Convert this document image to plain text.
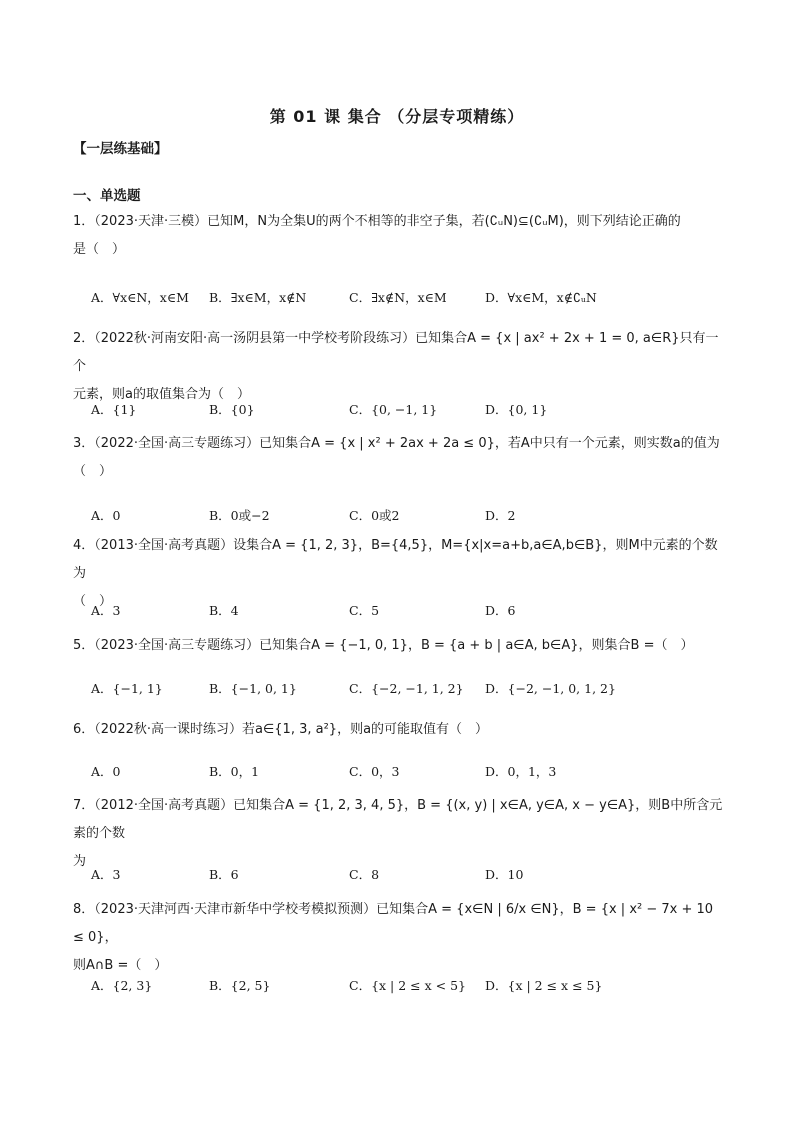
第 01 课 集合 （分层专项精练）
【一层练基础】
一、单选题
1．（2023·天津·三模）已知M，N为全集U的两个不相等的非空子集，若(∁ᵤN)⊆(∁ᵤM)，则下列结论正确的
是（　）
A．∀x∈N，x∈M B．∃x∈M，x∉N	C．∃x∉N，x∈M	D．∀x∈M，x∉∁ᵤN
2．（2022秋·河南安阳·高一汤阴县第一中学校考阶段练习）已知集合A = {x | ax² + 2x + 1 = 0, a∈R}只有一个
元素，则a的取值集合为（　）
A．{1}	B．{0}	C．{0, −1, 1}	D．{0, 1}
3．（2022·全国·高三专题练习）已知集合A = {x | x² + 2ax + 2a ≤ 0}，若A中只有一个元素，则实数a的值为
（　）
A．0	B．0或−2	C．0或2	D．2
4．（2013·全国·高考真题）设集合A = {1, 2, 3}，B={4,5}，M={x|x=a+b,a∈A,b∈B}，则M中元素的个数为
（　）
A．3	B．4	C．5	D．6
5．（2023·全国·高三专题练习）已知集合A = {−1, 0, 1}，B = {a + b | a∈A, b∈A}，则集合B =（　）
A．{−1, 1}	B．{−1, 0, 1}	C．{−2, −1, 1, 2} D．{−2, −1, 0, 1, 2}
6．（2022秋·高一课时练习）若a∈{1, 3, a²}，则a的可能取值有（　）
A．0	B．0，1	C．0，3	D．0，1，3
7．（2012·全国·高考真题）已知集合A = {1, 2, 3, 4, 5}，B = {(x, y) | x∈A, y∈A, x − y∈A}，则B中所含元素的个数
为
A．3	B．6	C．8	D．10
8．（2023·天津河西·天津市新华中学校考模拟预测）已知集合A = {x∈N | 6/x ∈N}，B = {x | x² − 7x + 10 ≤ 0}，
则A∩B =（　）
A．{2, 3}	B．{2, 5}	C．{x | 2 ≤ x < 5} D．{x | 2 ≤ x ≤ 5}
